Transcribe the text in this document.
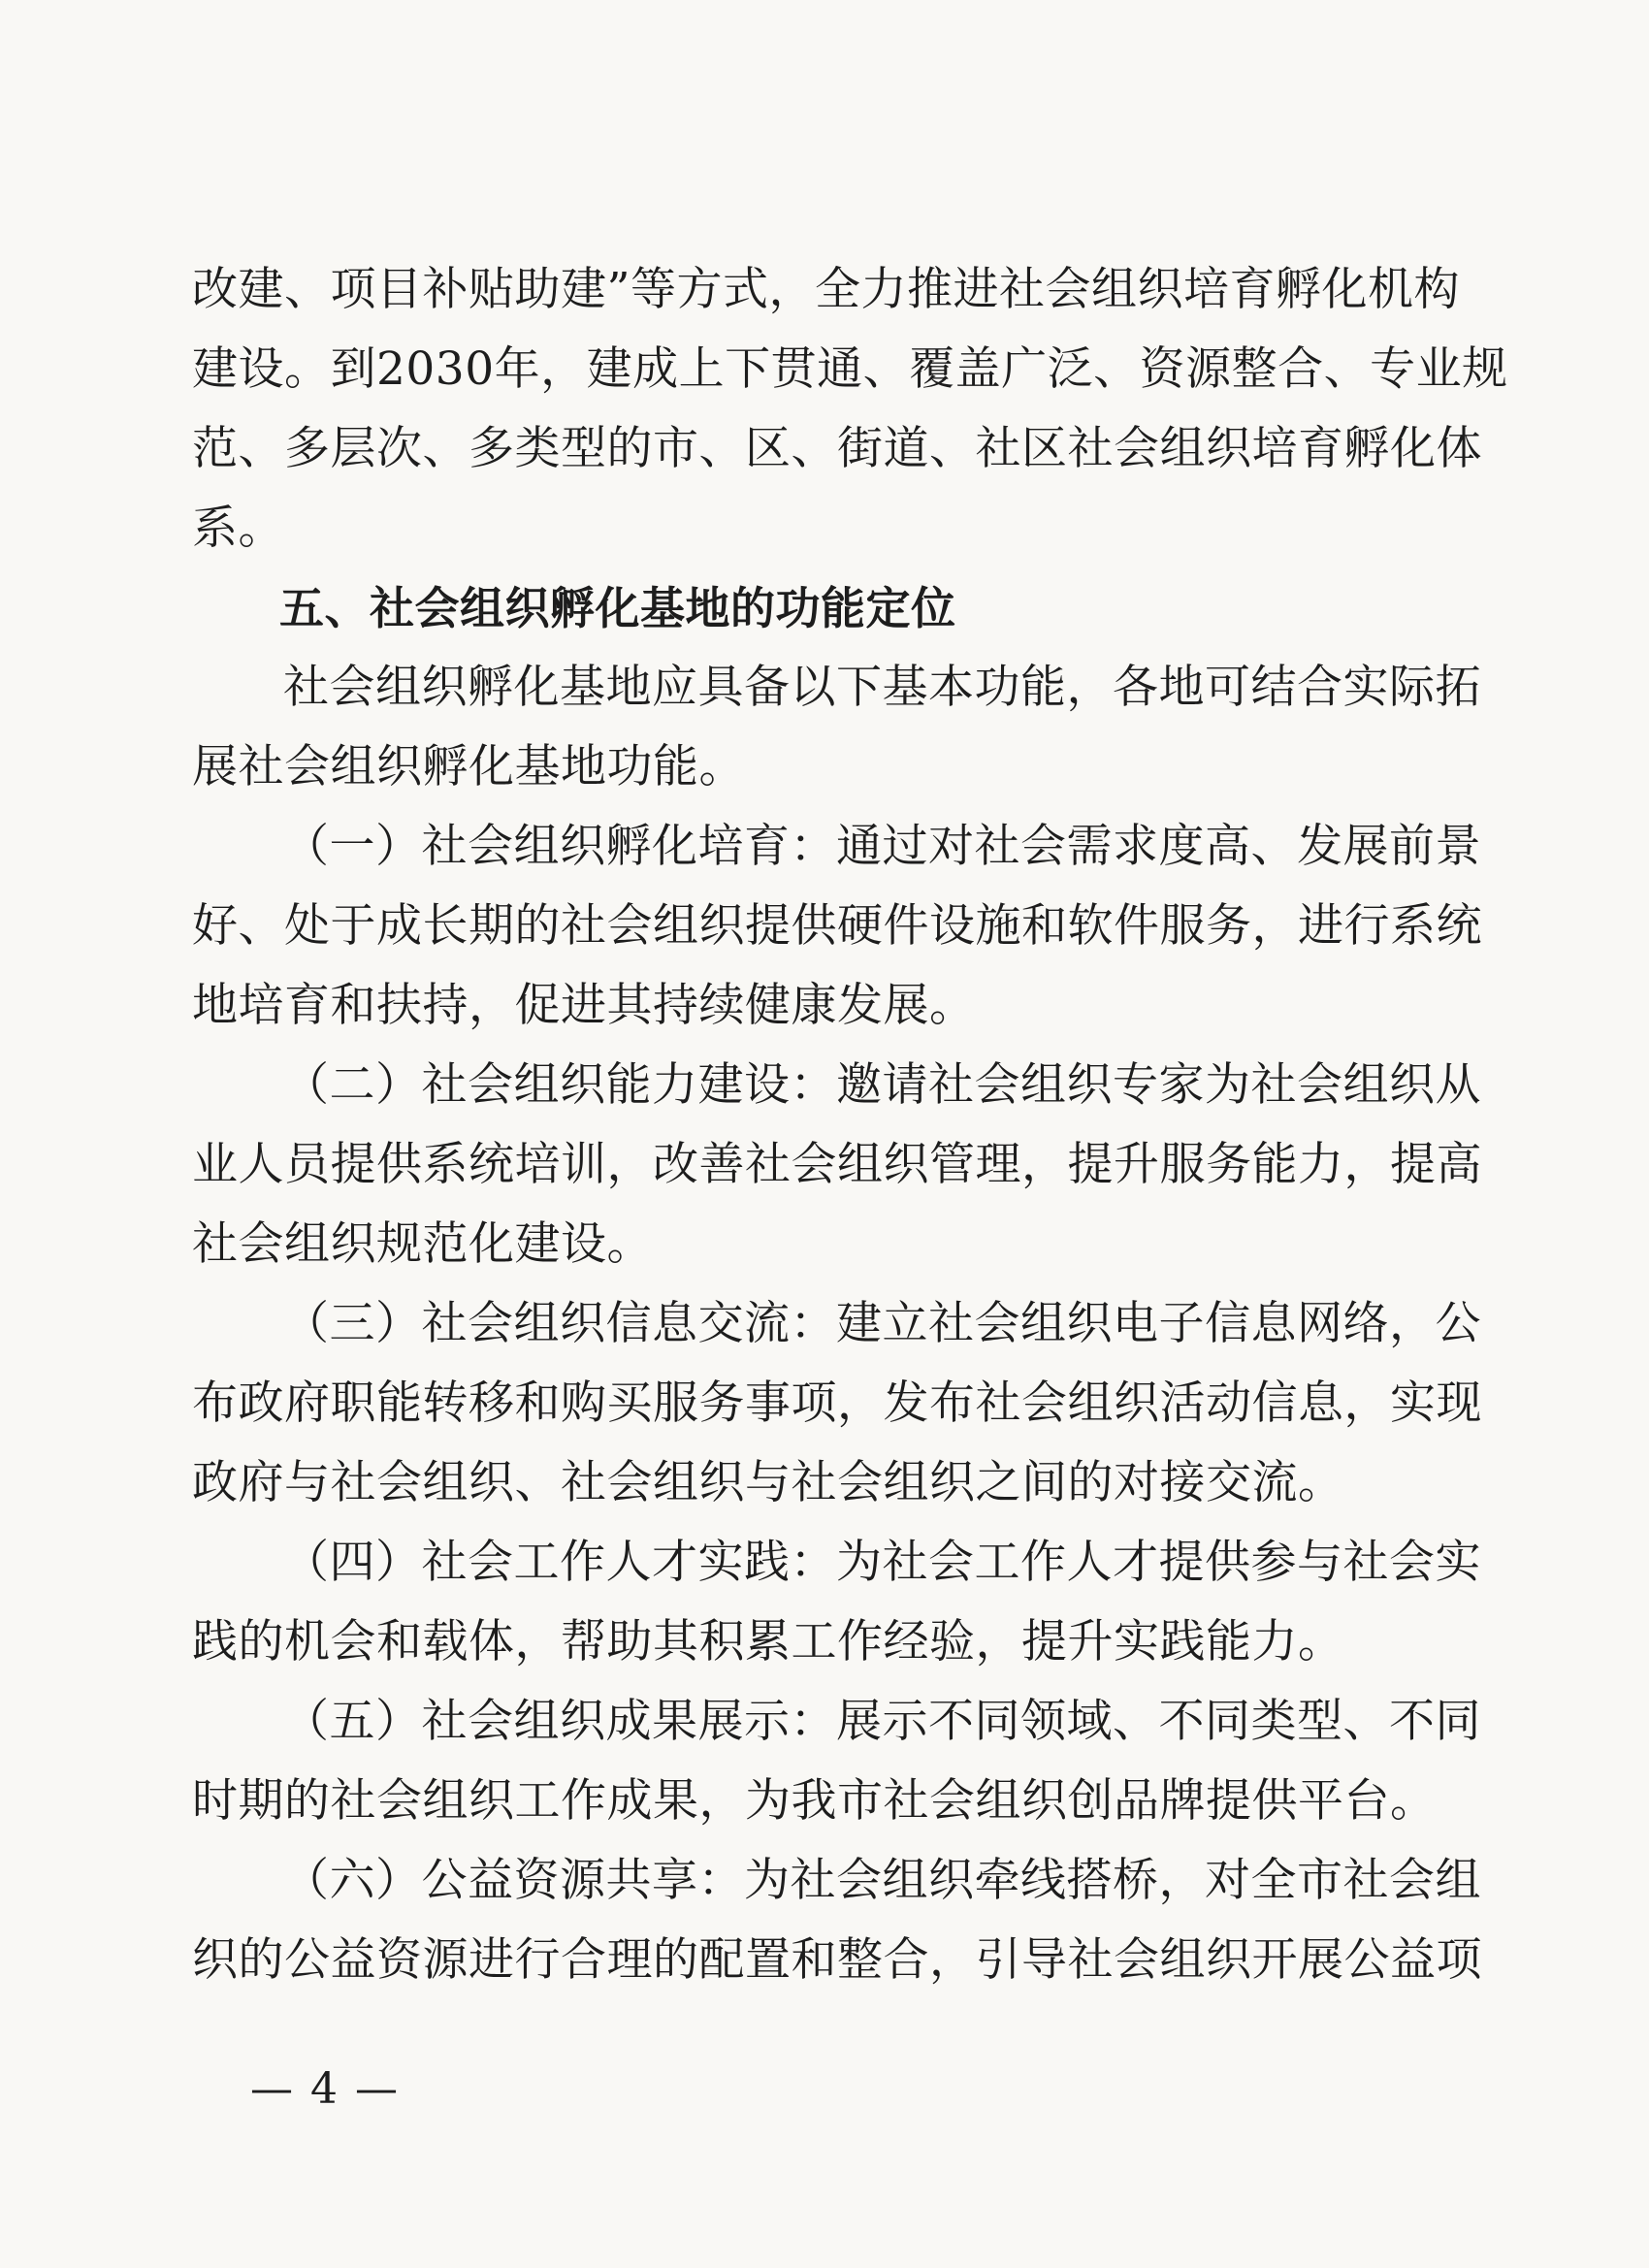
改建、项目补贴助建”等方式，全力推进社会组织培育孵化机构
建设。到2030年，建成上下贯通、覆盖广泛、资源整合、专业规
范、多层次、多类型的市、区、街道、社区社会组织培育孵化体
系。
五、社会组织孵化基地的功能定位
社会组织孵化基地应具备以下基本功能，各地可结合实际拓
展社会组织孵化基地功能。
（一）社会组织孵化培育：通过对社会需求度高、发展前景
好、处于成长期的社会组织提供硬件设施和软件服务，进行系统
地培育和扶持，促进其持续健康发展。
（二）社会组织能力建设：邀请社会组织专家为社会组织从
业人员提供系统培训，改善社会组织管理，提升服务能力，提高
社会组织规范化建设。
（三）社会组织信息交流：建立社会组织电子信息网络，公
布政府职能转移和购买服务事项，发布社会组织活动信息，实现
政府与社会组织、社会组织与社会组织之间的对接交流。
（四）社会工作人才实践：为社会工作人才提供参与社会实
践的机会和载体，帮助其积累工作经验，提升实践能力。
（五）社会组织成果展示：展示不同领域、不同类型、不同
时期的社会组织工作成果，为我市社会组织创品牌提供平台。
（六）公益资源共享：为社会组织牵线搭桥，对全市社会组
织的公益资源进行合理的配置和整合，引导社会组织开展公益项
— 4 —
